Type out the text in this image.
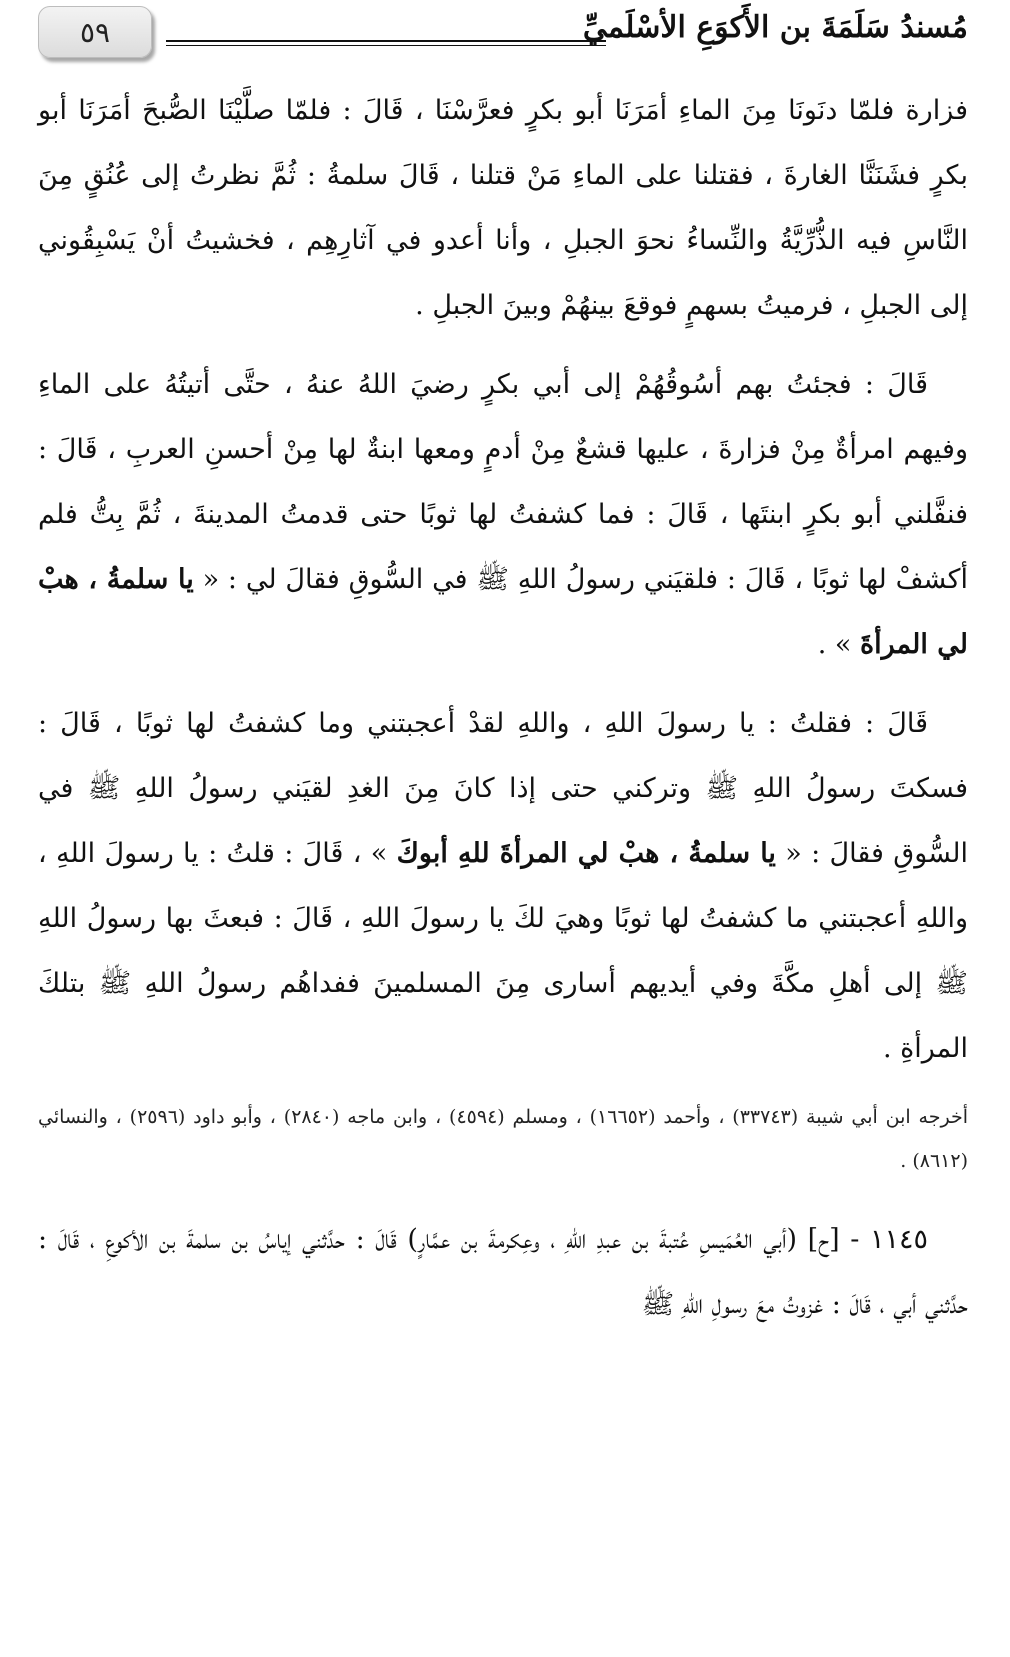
٥٩	مُسندُ سَلَمَةَ بن الأَكوَعِ الأسْلَميِّ

فزارة فلمّا دنَونَا مِنَ الماءِ أمَرَنَا أبو بكرٍ فعرَّسْنَا ، قَالَ : فلمّا صلَّيْنَا الصُّبحَ أمَرَنَا أبو بكرٍ فشَنَنَّا الغارةَ ، فقتلنا على الماءِ مَنْ قتلنا ، قَالَ سلمةُ : ثُمَّ نظرتُ إلى عُنُقٍ مِنَ النَّاسِ فيه الذُّرِّيَّةُ والنِّساءُ نحوَ الجبلِ ، وأنا أعدو في آثارِهِم ، فخشيتُ أنْ يَسْبِقُوني إلى الجبلِ ، فرميتُ بسهمٍ فوقعَ بينهُمْ وبينَ الجبلِ .

قَالَ : فجئتُ بهم أسُوقُهُمْ إلى أبي بكرٍ رضيَ اللهُ عنهُ ، حتَّى أتيتُهُ على الماءِ وفيهم امرأةٌ مِنْ فزارةَ ، عليها قشعٌ مِنْ أدمٍ ومعها ابنةٌ لها مِنْ أحسنِ العربِ ، قَالَ : فنفَّلني أبو بكرٍ ابنتَها ، قَالَ : فما كشفتُ لها ثوبًا حتى قدمتُ المدينةَ ، ثُمَّ بِتُّ فلم أكشفْ لها ثوبًا ، قَالَ : فلقيَني رسولُ اللهِ ﷺ في السُّوقِ فقالَ لي : « يا سلمةُ ، هبْ لي المرأةَ » .

قَالَ : فقلتُ : يا رسولَ اللهِ ، واللهِ لقدْ أعجبتني وما كشفتُ لها ثوبًا ، قَالَ : فسكتَ رسولُ اللهِ ﷺ وتركني حتى إذا كانَ مِنَ الغدِ لقيَني رسولُ اللهِ ﷺ في السُّوقِ فقالَ : « يا سلمةُ ، هبْ لي المرأةَ للهِ أبوكَ » ، قَالَ : قلتُ : يا رسولَ اللهِ ، واللهِ أعجبتني ما كشفتُ لها ثوبًا وهيَ لكَ يا رسولَ اللهِ ، قَالَ : فبعثَ بها رسولُ اللهِ ﷺ إلى أهلِ مكَّةَ وفي أيديهم أسارى مِنَ المسلمينَ ففداهُم رسولُ اللهِ ﷺ بتلكَ المرأةِ .

أخرجه ابن أبي شيبة (٣٣٧٤٣) ، وأحمد (١٦٦٥٢) ، ومسلم (٤٥٩٤) ، وابن ماجه (٢٨٤٠) ، وأبو داود (٢٥٩٦) ، والنسائي (٨٦١٢) .

١١٤٥ - [ح] (أبي العُمَيسِ عُتبةَ بن عبدِ اللهِ ، وعِكرمةَ بن عمَّارٍ) قَالَ : حدَّثني إياسُ بن سلمةَ بن الأكوعِ ، قَالَ : حدَّثني أبي ، قَالَ : غزوتُ معَ رسولِ اللهِ ﷺ
